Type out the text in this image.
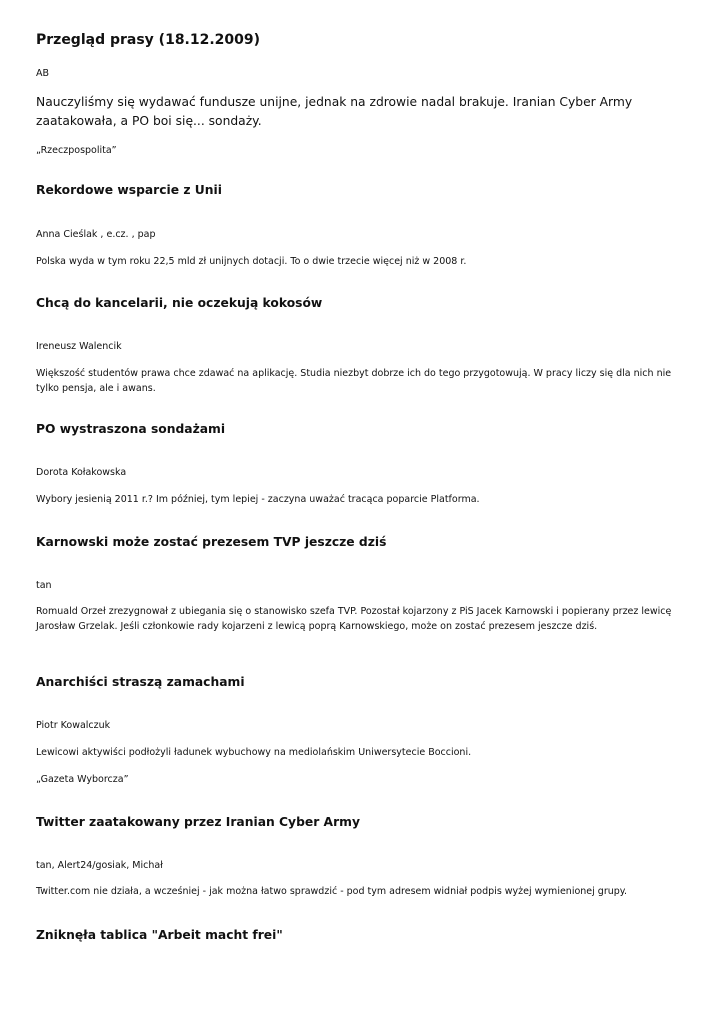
Przegląd prasy (18.12.2009)

AB

Nauczyliśmy się wydawać fundusze unijne, jednak na zdrowie nadal brakuje. Iranian Cyber Army zaatakowała, a PO boi się... sondaży.

„Rzeczpospolita”

Rekordowe wsparcie z Unii

Anna Cieślak , e.cz. , pap

Polska wyda w tym roku 22,5 mld zł unijnych dotacji. To o dwie trzecie więcej niż w 2008 r.

Chcą do kancelarii, nie oczekują kokosów

Ireneusz Walencik

Większość studentów prawa chce zdawać na aplikację. Studia niezbyt dobrze ich do tego przygotowują. W pracy liczy się dla nich nie tylko pensja, ale i awans.

PO wystraszona sondażami

Dorota Kołakowska

Wybory jesienią 2011 r.? Im później, tym lepiej - zaczyna uważać tracąca poparcie Platforma.

Karnowski może zostać prezesem TVP jeszcze dziś

tan

Romuald Orzeł zrezygnował z ubiegania się o stanowisko szefa TVP. Pozostał kojarzony z PiS Jacek Karnowski i popierany przez lewicę Jarosław Grzelak. Jeśli członkowie rady kojarzeni z lewicą poprą Karnowskiego, może on zostać prezesem jeszcze dziś.

Anarchiści straszą zamachami

Piotr Kowalczuk

Lewicowi aktywiści podłożyli ładunek wybuchowy na mediolańskim Uniwersytecie Boccioni.

„Gazeta Wyborcza”

Twitter zaatakowany przez Iranian Cyber Army

tan, Alert24/gosiak, Michał

Twitter.com nie działa, a wcześniej - jak można łatwo sprawdzić - pod tym adresem widniał podpis wyżej wymienionej grupy.

Zniknęła tablica "Arbeit macht frei"
